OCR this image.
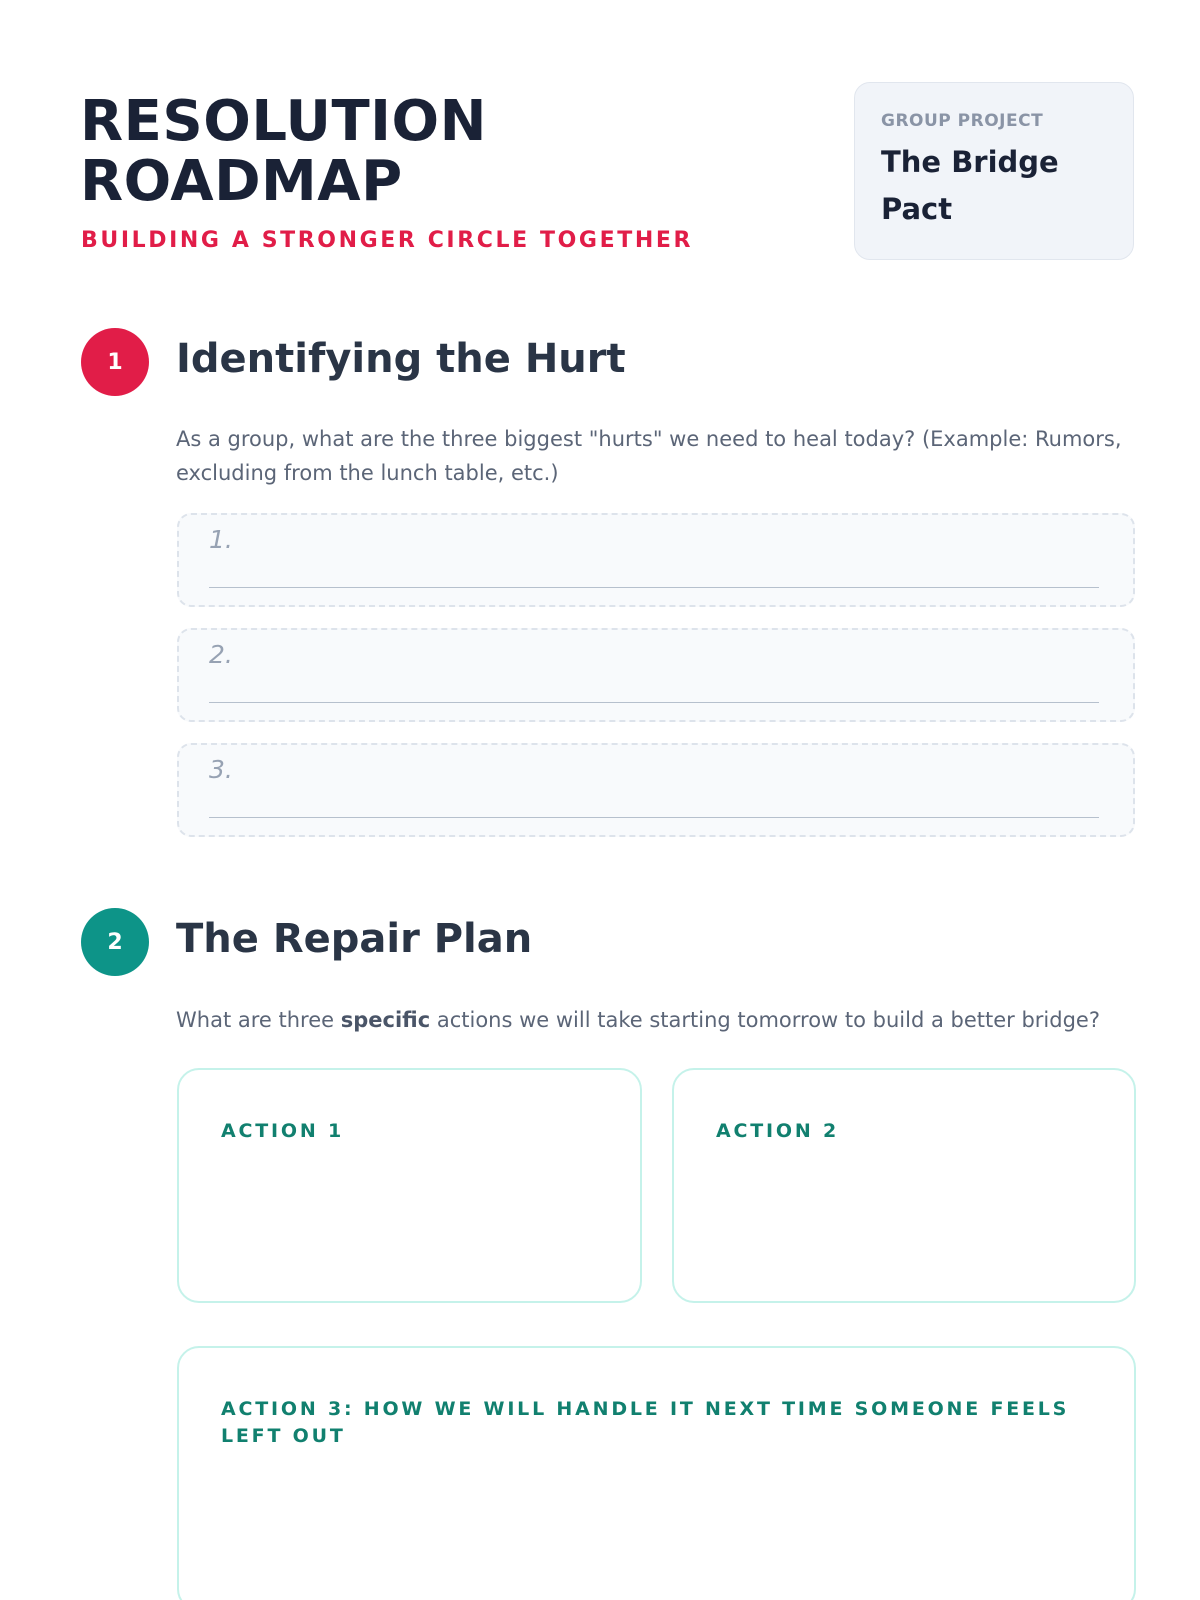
RESOLUTION
ROADMAP
BUILDING A STRONGER CIRCLE TOGETHER
GROUP PROJECT
The Bridge Pact
1	Identifying the Hurt

As a group, what are the three biggest "hurts" we need to heal today? (Example: Rumors, excluding from the lunch table, etc.)

1.
2.
3.
2	The Repair Plan

What are three specific actions we will take starting tomorrow to build a better bridge?

ACTION 1	ACTION 2
ACTION 3: HOW WE WILL HANDLE IT NEXT TIME SOMEONE FEELS LEFT OUT
